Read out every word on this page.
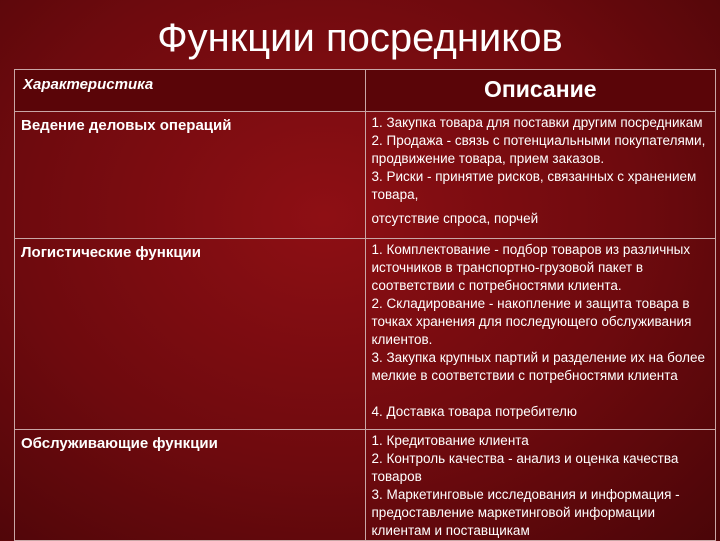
Функции посредников
Характеристика	Описание
Ведение деловых операций	1. Закупка товара для поставки другим посредникам
2. Продажа - связь с потенциальными покупателями, продвижение товара, прием заказов.
3. Риски - принятие рисков, связанных с хранением товара,
отсутствие спроса, порчей

Логистические функции	1. Комплектование - подбор товаров из различных источников в транспортно-грузовой пакет в соответствии с потребностями клиента.
2. Складирование - накопление и защита товара в точках хранения для последующего обслуживания клиентов.
3. Закупка крупных партий и разделение их на более мелкие в соответствии с потребностями клиента
4. Доставка товара потребителю

Обслуживающие функции	1. Кредитование клиента
2. Контроль качества - анализ и оценка качества товаров
3. Маркетинговые исследования и информация - предоставление маркетинговой информации клиентам и поставщикам
